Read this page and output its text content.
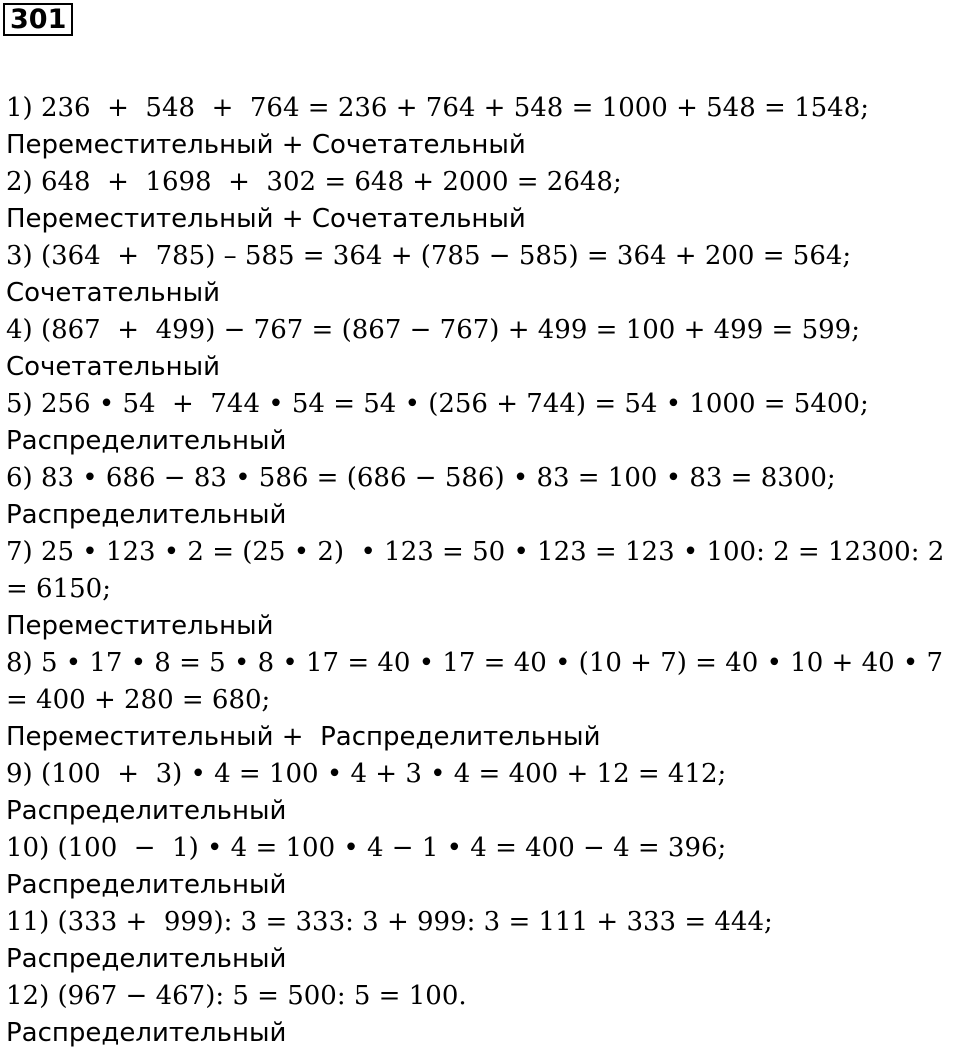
301
1) 236  +  548  +  764 = 236 + 764 + 548 = 1000 + 548 = 1548;
Переместительный + Сочетательный
2) 648  +  1698  +  302 = 648 + 2000 = 2648;
Переместительный + Сочетательный
3) (364  +  785) – 585 = 364 + (785 − 585) = 364 + 200 = 564;
Сочетательный
4) (867  +  499) − 767 = (867 − 767) + 499 = 100 + 499 = 599;
Сочетательный
5) 256 • 54  +  744 • 54 = 54 • (256 + 744) = 54 • 1000 = 5400;
Распределительный
6) 83 • 686 − 83 • 586 = (686 − 586) • 83 = 100 • 83 = 8300;
Распределительный
7) 25 • 123 • 2 = (25 • 2)  • 123 = 50 • 123 = 123 • 100: 2 = 12300: 2
= 6150;
Переместительный
8) 5 • 17 • 8 = 5 • 8 • 17 = 40 • 17 = 40 • (10 + 7) = 40 • 10 + 40 • 7
= 400 + 280 = 680;
Переместительный +  Распределительный
9) (100  +  3) • 4 = 100 • 4 + 3 • 4 = 400 + 12 = 412;
Распределительный
10) (100  −  1) • 4 = 100 • 4 − 1 • 4 = 400 − 4 = 396;
Распределительный
11) (333 +  999): 3 = 333: 3 + 999: 3 = 111 + 333 = 444;
Распределительный
12) (967 − 467): 5 = 500: 5 = 100.
Распределительный
